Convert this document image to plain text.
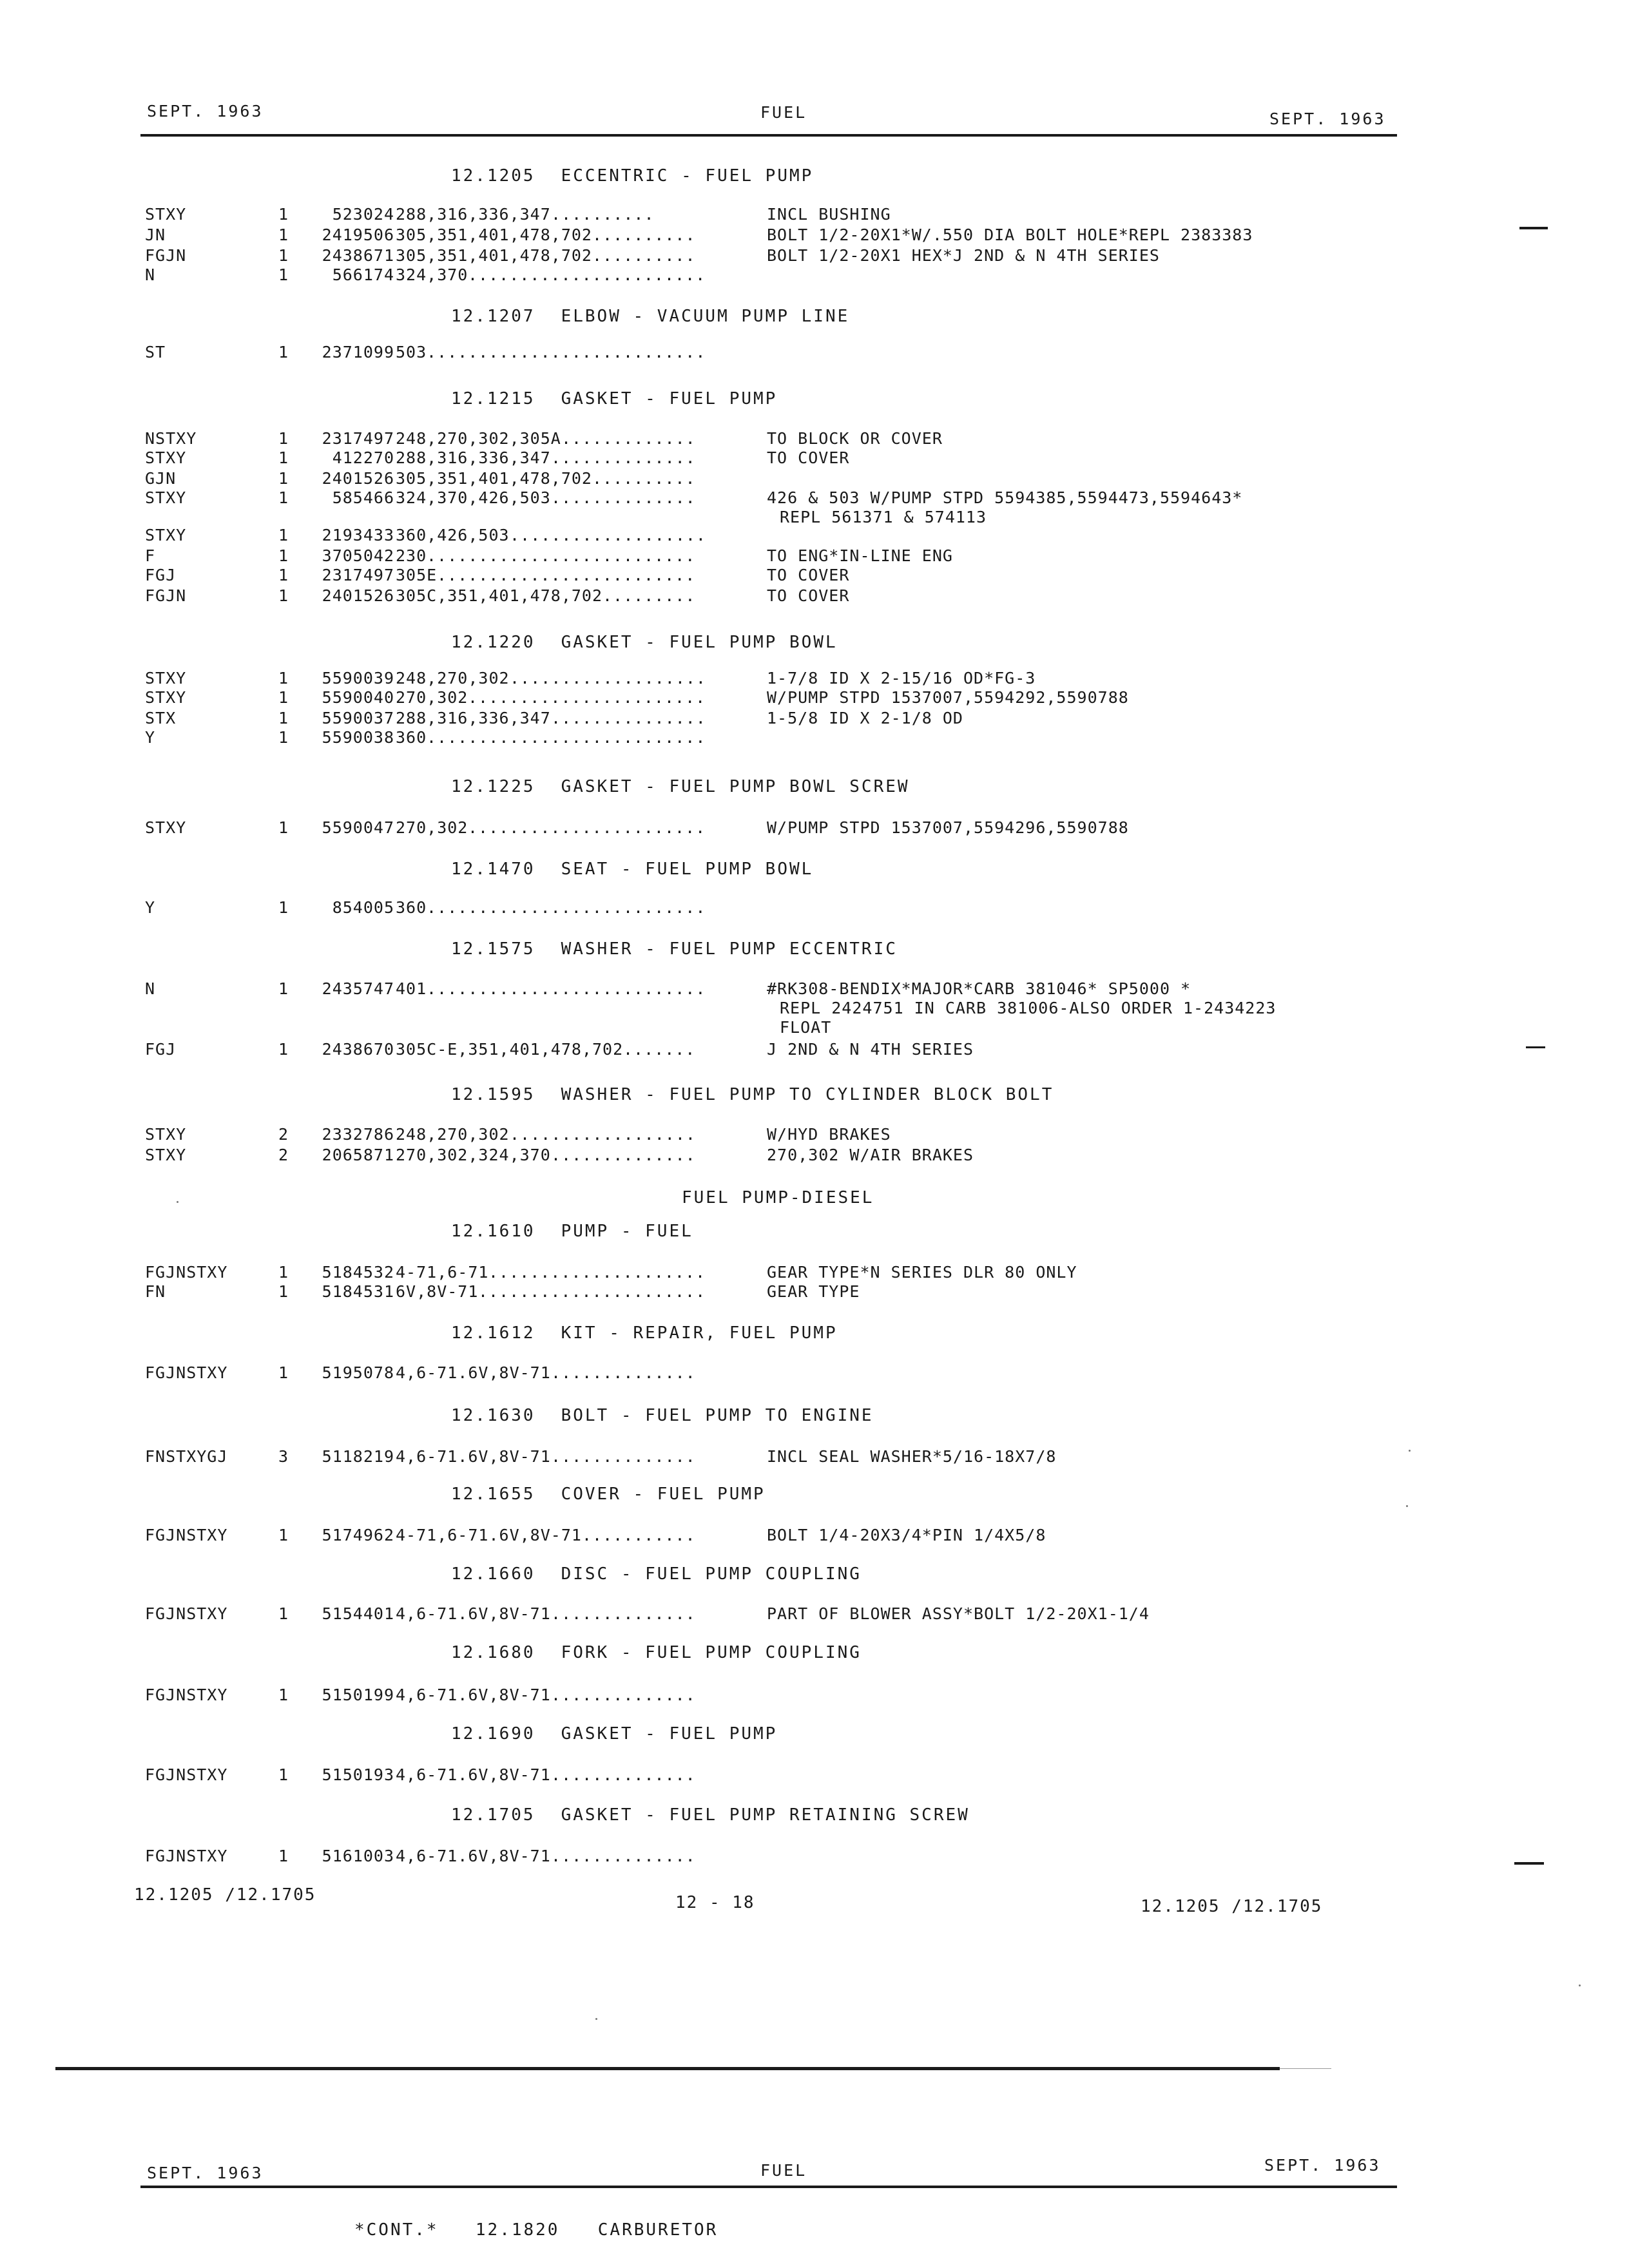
SEPT. 1963	FUEL	SEPT. 1963
12.1205 ECCENTRIC - FUEL PUMP
STXY	1	523024 288,316,336,347 ..........	INCL BUSHING
JN	1	2419506 305,351,401,478,702 ..........	BOLT 1/2-20X1*W/.550 DIA BOLT HOLE*REPL 2383383
FGJN	1	2438671 305,351,401,478,702 ..........	BOLT 1/2-20X1 HEX*J 2ND & N 4TH SERIES
N	1	566174 324,370 .......................
12.1207 ELBOW - VACUUM PUMP LINE
ST	1	2371099 503 ...........................
12.1215 GASKET - FUEL PUMP
NSTXY	1	2317497 248,270,302,305A .............	TO BLOCK OR COVER
STXY	1	412270 288,316,336,347 ..............	TO COVER
GJN	1	2401526 305,351,401,478,702 ..........
STXY	1	585466 324,370,426,503 ..............	426 & 503 W/PUMP STPD 5594385,5594473,5594643*
REPL 561371 & 574113
STXY	1	2193433 360,426,503 ...................
F	1	3705042 230 ..........................	TO ENG*IN-LINE ENG
FGJ	1	2317497 305E .........................	TO COVER
FGJN	1	2401526 305C,351,401,478,702 .........	TO COVER
12.1220 GASKET - FUEL PUMP BOWL
STXY	1	5590039 248,270,302 ...................	1-7/8 ID X 2-15/16 OD*FG-3
STXY	1	5590040 270,302 .......................	W/PUMP STPD 1537007,5594292,5590788
STX	1	5590037 288,316,336,347 ...............	1-5/8 ID X 2-1/8 OD
Y	1	5590038 360 ...........................
12.1225 GASKET - FUEL PUMP BOWL SCREW
STXY	1	5590047 270,302 .......................	W/PUMP STPD 1537007,5594296,5590788
12.1470 SEAT - FUEL PUMP BOWL
Y	1	854005 360 ...........................
12.1575 WASHER - FUEL PUMP ECCENTRIC
N	1	2435747 401 ...........................	#RK308-BENDIX*MAJOR*CARB 381046* SP5000 *
REPL 2424751 IN CARB 381006-ALSO ORDER 1-2434223
FLOAT
FGJ	1	2438670 305C-E,351,401,478,702 .......	J 2ND & N 4TH SERIES
12.1595 WASHER - FUEL PUMP TO CYLINDER BLOCK BOLT
STXY	2	2332786 248,270,302 ..................	W/HYD BRAKES
STXY	2	2065871 270,302,324,370 ..............	270,302 W/AIR BRAKES
FUEL PUMP-DIESEL
12.1610 PUMP - FUEL
FGJNSTXY	1	5184532 4-71,6-71 .....................	GEAR TYPE*N SERIES DLR 80 ONLY
FN	1	5184531 6V,8V-71 ......................	GEAR TYPE
12.1612 KIT - REPAIR, FUEL PUMP
FGJNSTXY	1	5195078 4,6-71.6V,8V-71 ..............
12.1630 BOLT - FUEL PUMP TO ENGINE
FNSTXYGJ	3	5118219 4,6-71.6V,8V-71 ..............	INCL SEAL WASHER*5/16-18X7/8
12.1655 COVER - FUEL PUMP
FGJNSTXY	1	5174962 4-71,6-71.6V,8V-71 ...........	BOLT 1/4-20X3/4*PIN 1/4X5/8
12.1660 DISC - FUEL PUMP COUPLING
FGJNSTXY	1	5154401 4,6-71.6V,8V-71 ..............	PART OF BLOWER ASSY*BOLT 1/2-20X1-1/4
12.1680 FORK - FUEL PUMP COUPLING
FGJNSTXY	1	5150199 4,6-71.6V,8V-71 ..............
12.1690 GASKET - FUEL PUMP
FGJNSTXY	1	5150193 4,6-71.6V,8V-71 ..............
12.1705 GASKET - FUEL PUMP RETAINING SCREW
FGJNSTXY	1	5161003 4,6-71.6V,8V-71 ..............
12.1205 /12.1705	12 - 18	12.1205 /12.1705
SEPT. 1963	FUEL	SEPT. 1963
*CONT.* 12.1820 CARBURETOR
